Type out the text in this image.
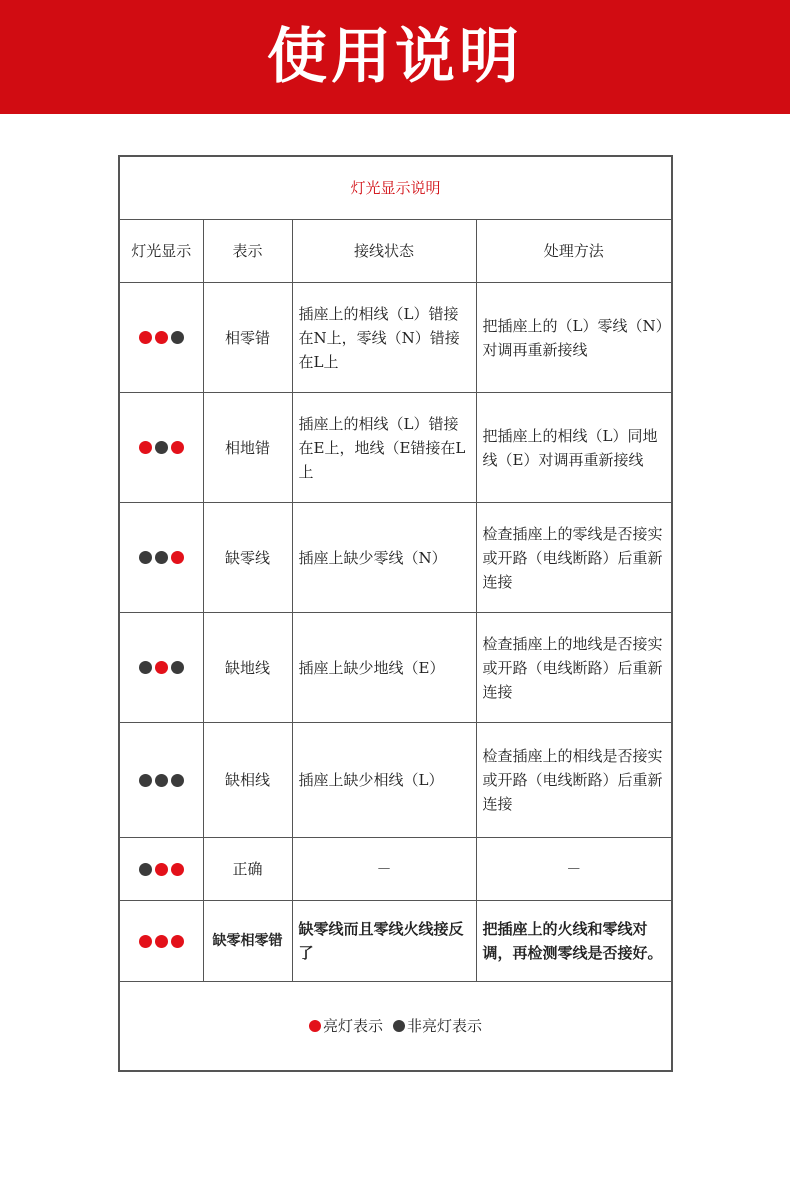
使用说明
灯光显示说明			
灯光显示	表示	接线状态	处理方法

	相零错	插座上的相线（L）错接在N上，零线（N）错接在L上	把插座上的（L）零线（N）对调再重新接线

	相地错	插座上的相线（L）错接在E上，地线（E错接在L上	把插座上的相线（L）同地线（E）对调再重新接线

	缺零线	插座上缺少零线（N）	检查插座上的零线是否接实或开路（电线断路）后重新连接

	缺地线	插座上缺少地线（E）	检查插座上的地线是否接实或开路（电线断路）后重新连接

	缺相线	插座上缺少相线（L）	检查插座上的相线是否接实或开路（电线断路）后重新连接

	正确	－	－

	缺零相零错	缺零线而且零线火线接反了	把插座上的火线和零线对调，再检测零线是否接好。

亮灯表示 非亮灯表示			
